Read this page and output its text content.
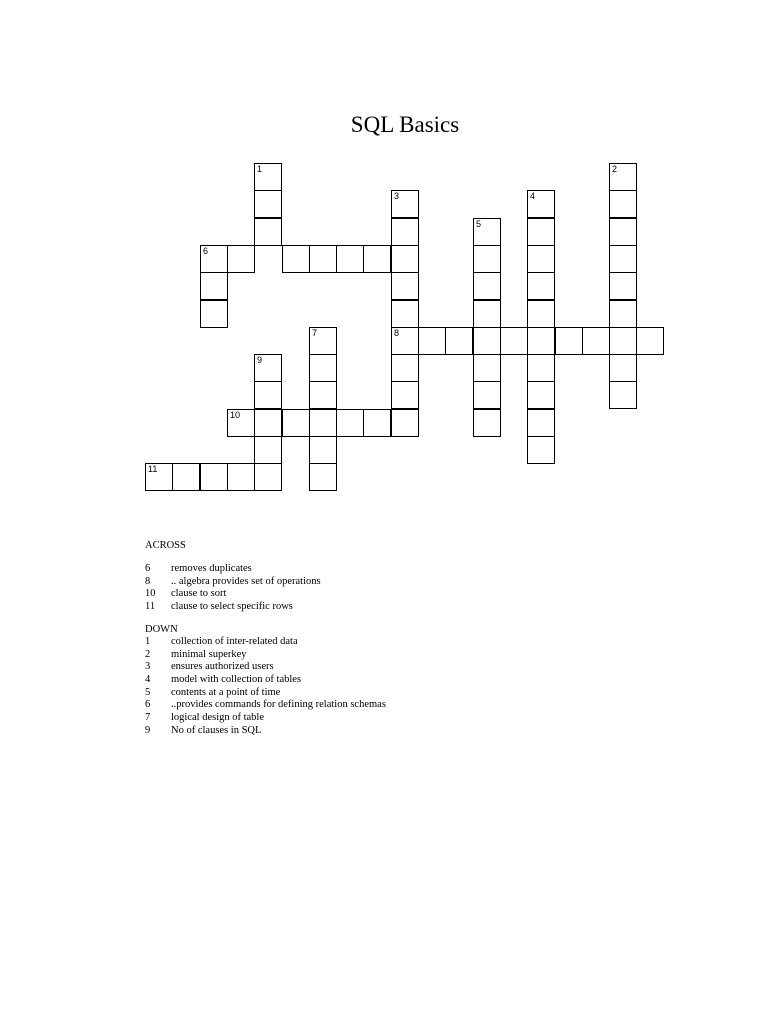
SQL Basics
1	2
3	4
5
6
7	8
9
10
11
ACROSS
6	removes duplicates
8	.. algebra provides set of operations
10	clause to sort
11	clause to select specific rows
DOWN
1	collection of inter-related data
2	minimal superkey
3	ensures authorized users
4	model with collection of tables
5	contents at a point of time
6	..provides commands for defining relation schemas
7	logical design of table
9	No of clauses in SQL
